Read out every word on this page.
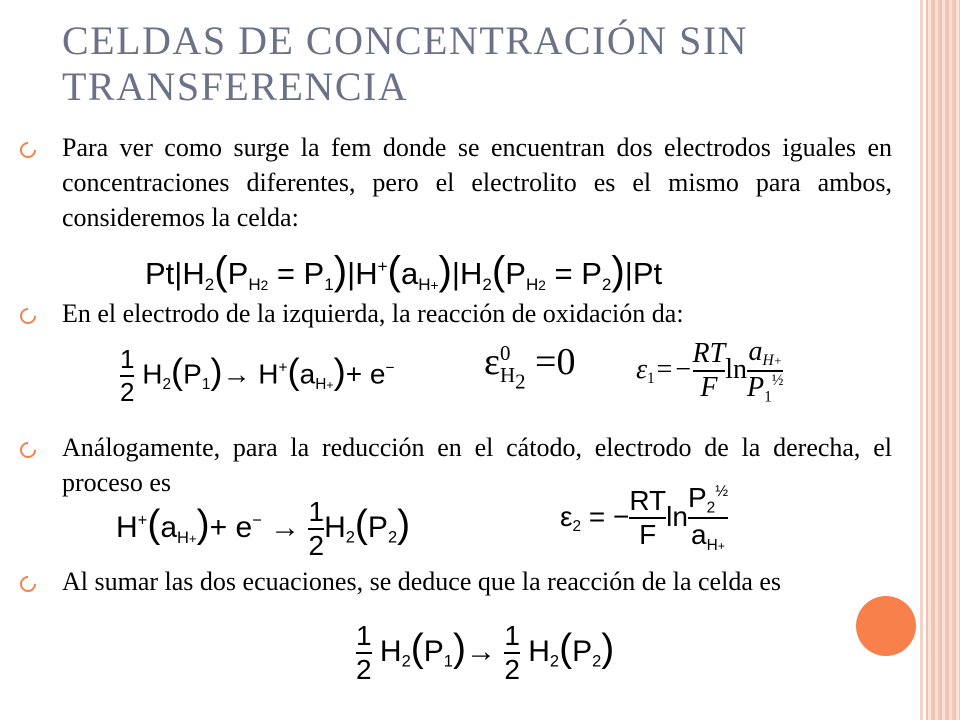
CELDAS DE CONCENTRACIÓN SIN TRANSFERENCIA
Para ver como surge la fem donde se encuentran dos electrodos iguales en concentraciones diferentes, pero el electrolito es el mismo para ambos, consideremos la celda:
$Pt|H_2(P_{H2} = P_1)|H^+(a_{H+})|H_2(P_{H2} = P_2)|Pt$
En el electrodo de la izquierda, la reacción de oxidación da:
$\frac{1}{2} H_2(P_1)\to H^+(a_{H+})+ e^-$ ε 0
H $_2$ =0 $\varepsilon_1=- \frac{RT}{F}$ $\ln \frac{a_{H+}}{P_1^{\frac{1}{2}}}$
Análogamente, para la reducción en el cátodo, electrodo de la derecha, el proceso es
$\varepsilon_2$ = − $\frac{RT}{F}$ $\ln \frac{P_2^{\frac{1}{2}}}{a_{H+}}$
$H^+(a_{H+})+ e^- \to \frac{1}{2} H_2(P_2)$
Al sumar las dos ecuaciones, se deduce que la reacción de la celda es
$\frac{1}{2} H_2(P_1)\to \frac{1}{2} H_2(P_2)$
